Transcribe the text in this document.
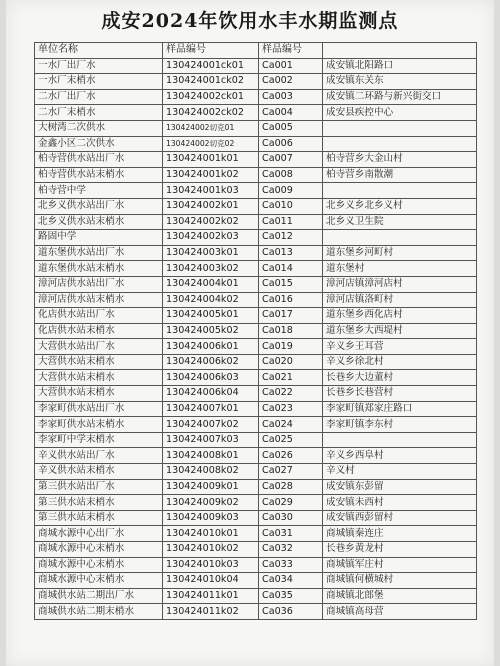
成安2024年饮用水丰水期监测点
单位名称	样品编号	样品编号	
一水厂出厂水	130424001ck01	Ca001	成安镇北阳路口
一水厂末梢水	130424001ck02	Ca002	成安镇东关东
二水厂出厂水	130424002ck01	Ca003	成安镇二环路与新兴街交口
二水厂末梢水	130424002ck02	Ca004	成安县疾控中心
大树湾二次供水	130424002切克01	Ca005	
金鑫小区二次供水	130424002切克02	Ca006	
柏寺营供水站出厂水	130424001k01	Ca007	柏寺营乡大金山村
柏寺营供水站末梢水	130424001k02	Ca008	柏寺营乡南散潮
柏寺营中学	130424001k03	Ca009	
北乡义供水站出厂水	130424002k01	Ca010	北乡义乡北乡义村
北乡义供水站末梢水	130424002k02	Ca011	北乡义卫生院
路固中学	130424002k03	Ca012	
道东堡供水站出厂水	130424003k01	Ca013	道东堡乡河町村
道东堡供水站末梢水	130424003k02	Ca014	道东堡村
漳河店供水站出厂水	130424004k01	Ca015	漳河店镇漳河店村
漳河店供水站末梢水	130424004k02	Ca016	漳河店镇洛町村
化店供水站出厂水	130424005k01	Ca017	道东堡乡西化店村
化店供水站末梢水	130424005k02	Ca018	道东堡乡大西堤村
大营供水站出厂水	130424006k01	Ca019	辛义乡王耳营
大营供水站末梢水	130424006k02	Ca020	辛义乡徐北村
大营供水站末梢水	130424006k03	Ca021	长巷乡大边董村
大营供水站末梢水	130424006k04	Ca022	长巷乡长巷营村
李家町供水站出厂水	130424007k01	Ca023	李家町镇郑家庄路口
李家町供水站末梢水	130424007k02	Ca024	李家町镇李东村
李家町中学末梢水	130424007k03	Ca025	
辛义供水站出厂水	130424008k01	Ca026	辛义乡西阜村
辛义供水站末梢水	130424008k02	Ca027	辛义村
第三供水站出厂水	130424009k01	Ca028	成安镇东彭留
第三供水站末梢水	130424009k02	Ca029	成安镇未西村
第三供水站末梢水	130424009k03	Ca030	成安镇西彭留村
商城水源中心出厂水	130424010k01	Ca031	商城镇秦连庄
商城水源中心末梢水	130424010k02	Ca032	长巷乡黄龙村
商城水源中心末梢水	130424010k03	Ca033	商城镇军庄村
商城水源中心末梢水	130424010k04	Ca034	商城镇何横城村
商城供水站二期出厂水	130424011k01	Ca035	商城镇北郎堡
商城供水站二期末梢水	130424011k02	Ca036	商城镇高母营
